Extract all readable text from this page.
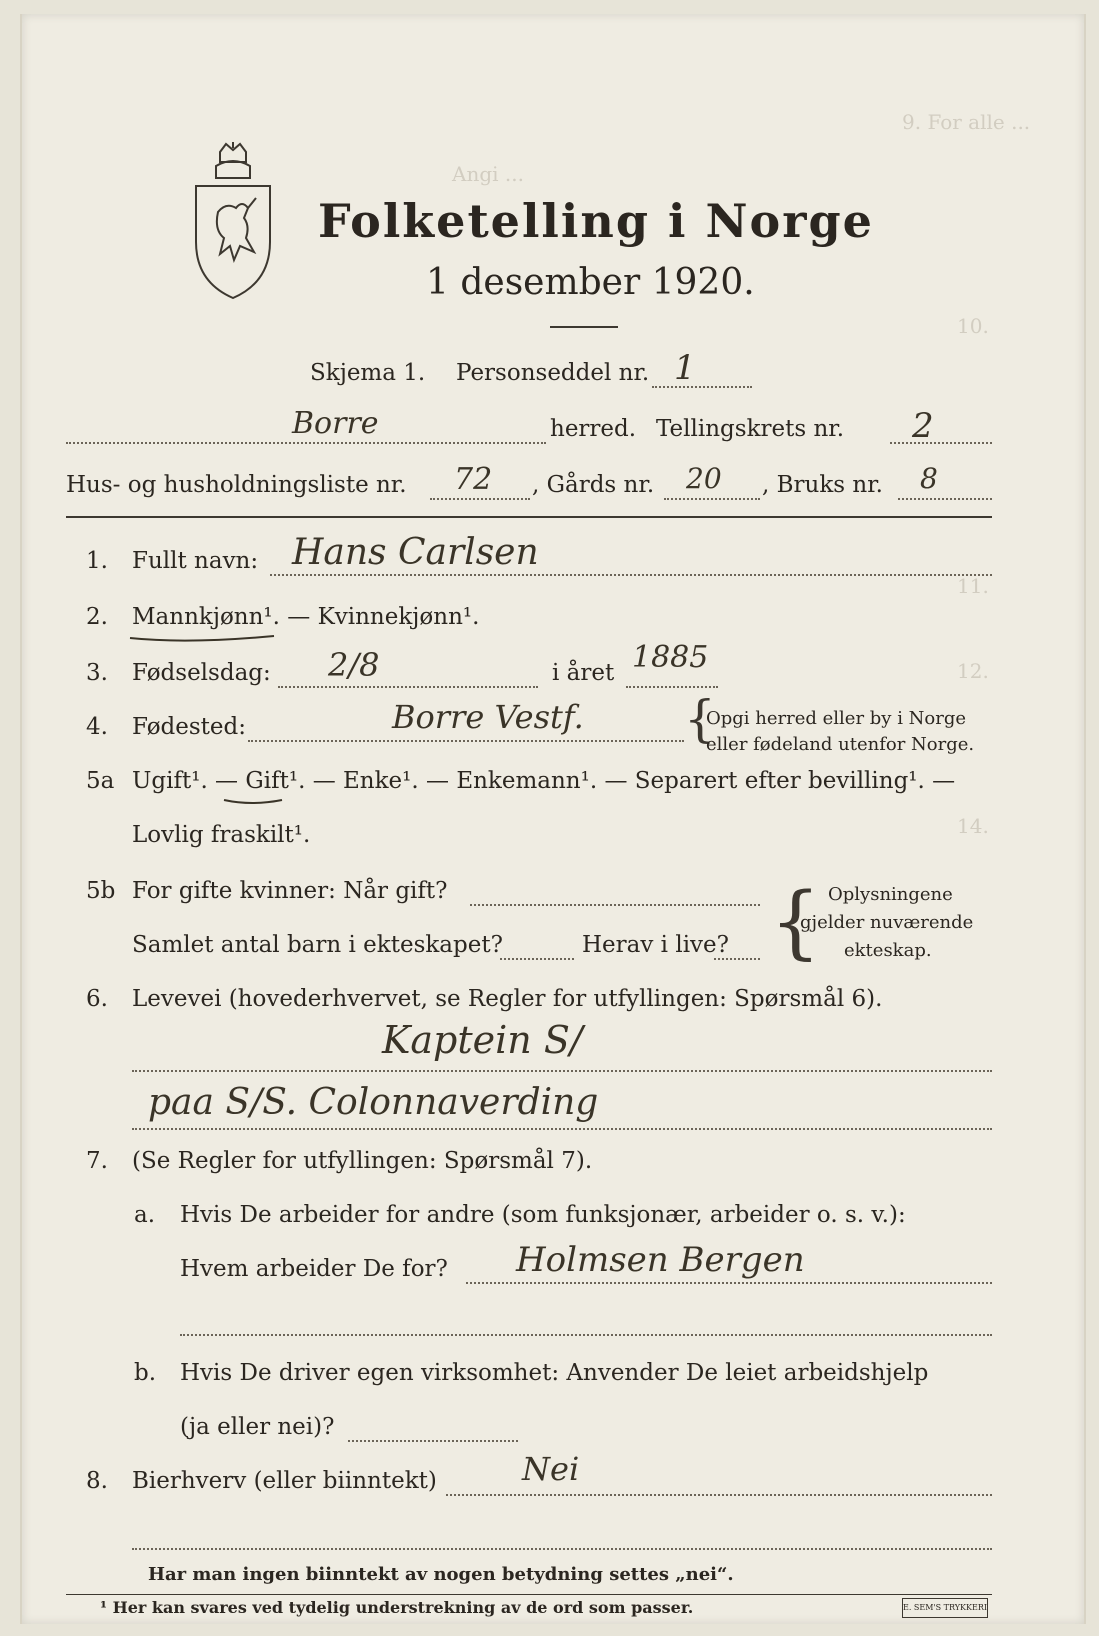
9. For alle ...
Angi ...
10.
11.
12.
14.
Folketelling i Norge
1 desember 1920.
Skjema 1. Personseddel nr. 1
Borre	herred. Tellingskrets nr. 2
Hus- og husholdningsliste nr. 72 , Gårds nr. 20 , Bruks nr. 8
1. Fullt navn: Hans Carlsen
2. Mannkjønn¹. — Kvinnekjønn¹.
3. Fødselsdag: 2/8	i året 1885
4. Fødested:	Borre Vestf. {
Opgi herred eller by i Norge
eller fødeland utenfor Norge.
5a Ugift¹. — Gift¹. — Enke¹. — Enkemann¹. — Separert efter bevilling¹. —
Lovlig fraskilt¹.
5b For gifte kvinner: Når gift?
Samlet antal barn i ekteskapet?	Herav i live? { Oplysningene
gjelder nuværende
ekteskap.
6. Levevei (hovederhvervet, se Regler for utfyllingen: Spørsmål 6).
Kaptein S/
paa S/S. Colonnaverding
7. (Se Regler for utfyllingen: Spørsmål 7).
a. Hvis De arbeider for andre (som funksjonær, arbeider o. s. v.):
Hvem arbeider De for? Holmsen Bergen
b. Hvis De driver egen virksomhet: Anvender De leiet arbeidshjelp
(ja eller nei)?
8. Bierhverv (eller biinntekt)	Nei
Har man ingen biinntekt av nogen betydning settes „nei“.
¹ Her kan svares ved tydelig understrekning av de ord som passer.	E. SEM'S TRYKKERI
